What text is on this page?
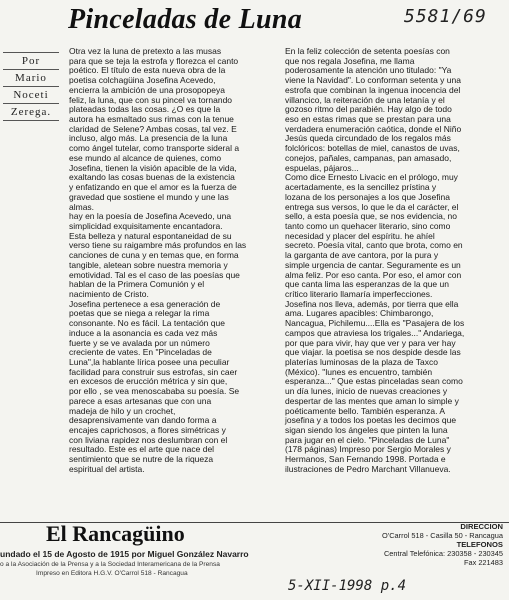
Pinceladas de Luna	5581/69
Por
Mario
Noceti
Zerega.

Otra vez la luna de pretexto a las musas

para que se teja la estrofa y florezca el canto

poético. El título de esta nueva obra de la

poetisa colchagüina Josefina Acevedo,

encierra la ambición de una prosopopeya

feliz, la luna, que con su pincel va tornando

plateadas todas las cosas. ¿O es que la

autora ha esmaltado sus rimas con la tenue

claridad de Selene? Ambas cosas, tal vez. E

incluso, algo más. La presencia de la luna

como ángel tutelar, como transporte sideral a

ese mundo al alcance de quienes, como

Josefina, tienen la visión apacible de la vida,

exaltando las cosas buenas de la existencia

y enfatizando en que el amor es la fuerza de

gravedad que sostiene el mundo y une las

almas.

hay en la poesía de Josefina Acevedo, una

simplicidad exquisitamente encantadora.

Esta belleza y natural espontaneidad de su

verso tiene su raigambre más profundos en las

canciones de cuna y en temas que, en forma

tangible, aletean sobre nuestra memoria y

emotividad. Tal es el caso de las poesías que

hablan de la Primera Comunión y el

nacimiento de Cristo.

Josefina pertenece a esa generación de

poetas que se niega a relegar la rima

consonante. No es fácil. La tentación que

induce a la asonancia es cada vez más

fuerte y se ve avalada por un número

creciente de vates. En "Pinceladas de

Luna",la hablante lírica posee una peculiar

facilidad para construir sus estrofas, sin caer

en excesos de erucción métrica y sin que,

por ello , se vea menoscababa su poesía. Se

parece a esas artesanas que con una

madeja de hilo y un crochet,

desaprensivamente van dando forma a

encajes caprichosos, a flores simétricas y

con liviana rapidez nos deslumbran con el

resultado. Este es el arte que nace del

sentimiento que se nutre de la riqueza

espiritual del artista.

En la feliz colección de setenta poesías con

que nos regala Josefina, me llama

poderosamente la atención uno titulado: "Ya

viene la Navidad". Lo conforman setenta y una

estrofa que combinan la ingenua inocencia del

villancico, la reiteración de una letanía y el

gozoso ritmo del parabién. Hay algo de todo

eso en estas rimas que se prestan para una

verdadera enumeración caótica, donde el Niño

Jesús queda circundado de los regalos más

folclóricos: botellas de miel, canastos de uvas,

conejos, pañales, campanas, pan amasado,

espuelas, pájaros...

Como dice Ernesto Livacic en el prólogo, muy

acertadamente, es la sencillez prístina y

lozana de los personajes a los que Josefina

entrega sus versos, lo que le da el carácter, el

sello, a esta poesía que, se nos evidencia, no

tanto como un quehacer literario, sino como

necesidad y placer del espíritu. he ahíel

secreto. Poesía vital, canto que brota, como en

la garganta de ave cantora, por la pura y

simple urgencia de cantar. Seguramente es un

alma feliz. Por eso canta. Por eso, el amor con

que canta lima las esperanzas de la que un

crítico literario llamaría imperfecciones.

Josefina nos lleva, además, por tierra que ella

ama. Lugares apacibles: Chimbarongo,

Nancagua, Pichilemu....Ella es "Pasajera de los

campos que atraviesa los trigales..." Andariega,

por que para vivir, hay que ver y para ver hay

que viajar. la poetisa se nos despide desde las

platerías luminosas de la plaza de Taxco

(México). "lunes es encuentro, también

esperanza..." Que estas pinceladas sean como

un día lunes, inicio de nuevas creaciones y

despertar de las mentes que aman lo simple y

poéticamente bello. También esperanza. A

josefina y a todos los poetas les decimos que

sigan siendo los ángeles que pinten la luna

para jugar en el cielo. "Pinceladas de Luna"

(178 páginas) Impreso por Sergio Morales y

Hermanos, San Fernando 1998. Portada e

ilustraciones de Pedro Marchant Villanueva.

El Rancagüino
undado el 15 de Agosto de 1915 por Miguel González Navarro
o a la Asociación de la Prensa y a la Sociedad Interamericana de la Prensa
Impreso en Editora H.G.V. O'Carrol 518 - Rancagua
DIRECCION
O'Carrol 518 - Casilla 50 - Rancagua
TELEFONOS
Central Telefónica: 230358 - 230345
Fax 221483
5-XII-1998 p.4
